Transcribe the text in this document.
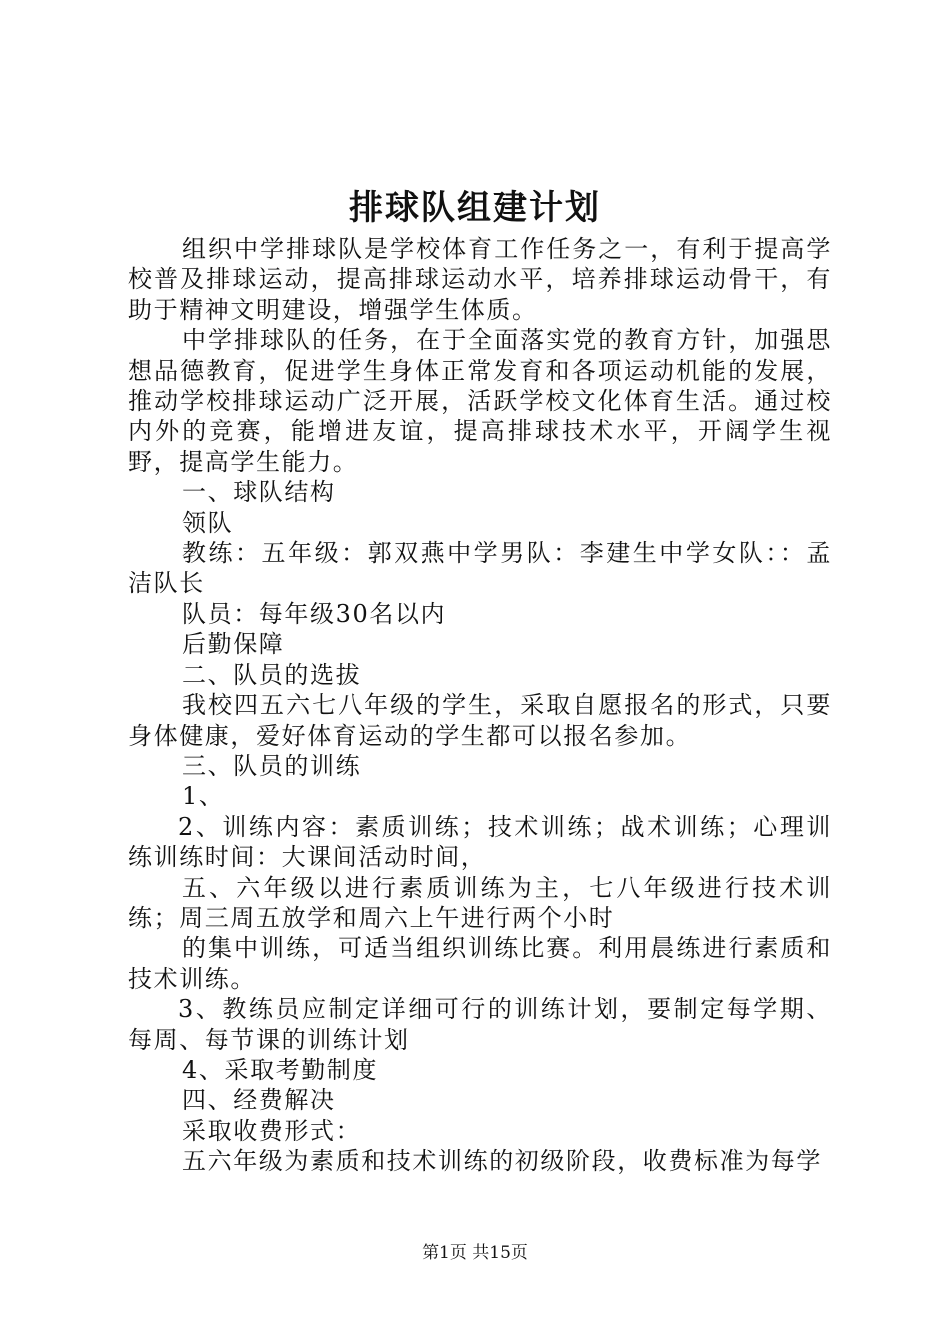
排球队组建计划

组织中学排球队是学校体育工作任务之一，有利于提高学校普及排球运动，提高排球运动水平，培养排球运动骨干，有助于精神文明建设，增强学生体质。

中学排球队的任务，在于全面落实党的教育方针，加强思想品德教育，促进学生身体正常发育和各项运动机能的发展，推动学校排球运动广泛开展，活跃学校文化体育生活。通过校内外的竞赛，能增进友谊，提高排球技术水平，开阔学生视野，提高学生能力。

一、球队结构

领队

教练：五年级：郭双燕中学男队：李建生中学女队：：孟洁队长

队员：每年级30名以内

后勤保障

二、队员的选拔

我校四五六七八年级的学生，采取自愿报名的形式，只要身体健康，爱好体育运动的学生都可以报名参加。

三、队员的训练

1、

2、训练内容：素质训练；技术训练；战术训练；心理训练训练时间：大课间活动时间，

五、六年级以进行素质训练为主，七八年级进行技术训练；周三周五放学和周六上午进行两个小时

的集中训练，可适当组织训练比赛。利用晨练进行素质和技术训练。

3、教练员应制定详细可行的训练计划，要制定每学期、每周、每节课的训练计划

4、采取考勤制度

四、经费解决

采取收费形式：

五六年级为素质和技术训练的初级阶段，收费标准为每学

第1页 共15页
